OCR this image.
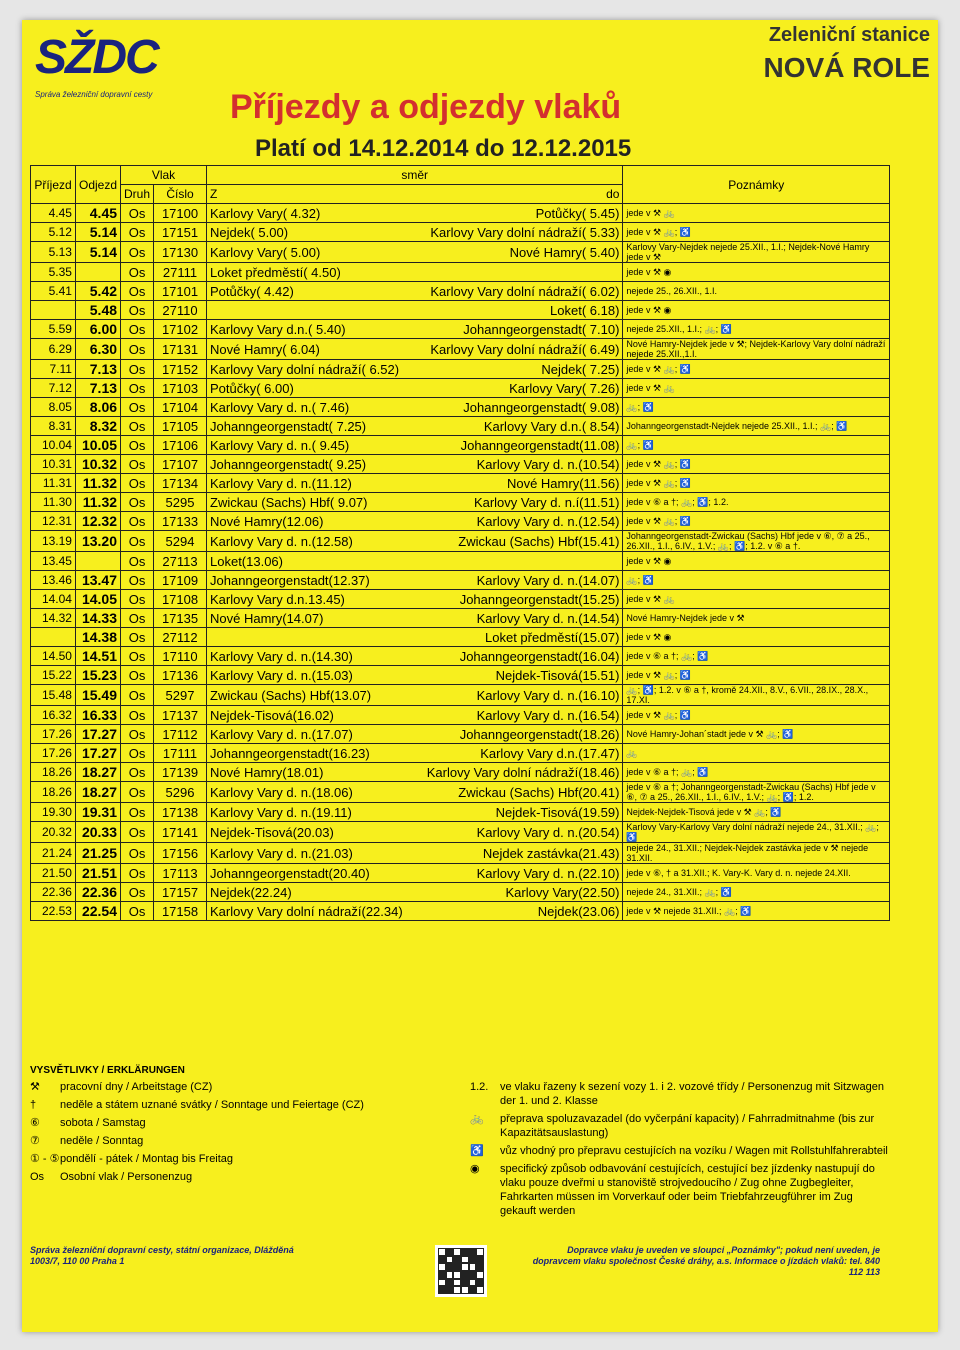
SŽDC
Správa železniční dopravní cesty
Zeleniční stanice
NOVÁ ROLE
Příjezdy a odjezdy vlaků
Platí od 14.12.2014 do 12.12.2015
Příjezd	Odjezd	Vlak		směr	Poznámky
		Druh	Číslo	Z do	

4.45	4.45	Os	17100	Karlovy Vary( 4.32) Potůčky( 5.45)	jede v ⚒ 🚲
5.12	5.14	Os	17151	Nejdek( 5.00) Karlovy Vary dolní nádraží( 5.33)	jede v ⚒ 🚲; ♿
5.13	5.14	Os	17130	Karlovy Vary( 5.00) Nové Hamry( 5.40)	Karlovy Vary-Nejdek nejede 25.XII., 1.I.; Nejdek-Nové Hamry jede v ⚒
5.35		Os	27111	Loket předměstí( 4.50)	jede v ⚒ ◉
5.41	5.42	Os	17101	Potůčky( 4.42) Karlovy Vary dolní nádraží( 6.02)	nejede 25., 26.XII., 1.I.
	5.48	Os	27110	Loket( 6.18)	jede v ⚒ ◉
5.59	6.00	Os	17102	Karlovy Vary d.n.( 5.40) Johanngeorgenstadt( 7.10)	nejede 25.XII., 1.I.; 🚲; ♿
6.29	6.30	Os	17131	Nové Hamry( 6.04) Karlovy Vary dolní nádraží( 6.49)	Nové Hamry-Nejdek jede v ⚒; Nejdek-Karlovy Vary dolní nádraží nejede 25.XII.,1.I.
7.11	7.13	Os	17152	Karlovy Vary dolní nádraží( 6.52) Nejdek( 7.25)	jede v ⚒ 🚲; ♿
7.12	7.13	Os	17103	Potůčky( 6.00) Karlovy Vary( 7.26)	jede v ⚒ 🚲
8.05	8.06	Os	17104	Karlovy Vary d. n.( 7.46) Johanngeorgenstadt( 9.08)	🚲; ♿
8.31	8.32	Os	17105	Johanngeorgenstadt( 7.25) Karlovy Vary d.n.( 8.54)	Johanngeorgenstadt-Nejdek nejede 25.XII., 1.I.; 🚲; ♿
10.04	10.05	Os	17106	Karlovy Vary d. n.( 9.45) Johanngeorgenstadt(11.08)	🚲; ♿
10.31	10.32	Os	17107	Johanngeorgenstadt( 9.25) Karlovy Vary d. n.(10.54)	jede v ⚒ 🚲; ♿
11.31	11.32	Os	17134	Karlovy Vary d. n.(11.12) Nové Hamry(11.56)	jede v ⚒ 🚲; ♿
11.30	11.32	Os	5295	Zwickau (Sachs) Hbf( 9.07) Karlovy Vary d. n.í(11.51)	jede v ⑥ a †; 🚲; ♿; 1.2.
12.31	12.32	Os	17133	Nové Hamry(12.06) Karlovy Vary d. n.(12.54)	jede v ⚒ 🚲; ♿
13.19	13.20	Os	5294	Karlovy Vary d. n.(12.58) Zwickau (Sachs) Hbf(15.41)	Johanngeorgenstadt-Zwickau (Sachs) Hbf jede v ⑥, ⑦ a 25., 26.XII., 1.I., 6.IV., 1.V.; 🚲; ♿; 1.2. v ⑥ a †.
13.45		Os	27113	Loket(13.06)	jede v ⚒ ◉
13.46	13.47	Os	17109	Johanngeorgenstadt(12.37) Karlovy Vary d. n.(14.07)	🚲; ♿
14.04	14.05	Os	17108	Karlovy Vary d.n.13.45) Johanngeorgenstadt(15.25)	jede v ⚒ 🚲
14.32	14.33	Os	17135	Nové Hamry(14.07) Karlovy Vary d. n.(14.54)	Nové Hamry-Nejdek jede v ⚒
	14.38	Os	27112	Loket předměstí(15.07)	jede v ⚒ ◉
14.50	14.51	Os	17110	Karlovy Vary d. n.(14.30) Johanngeorgenstadt(16.04)	jede v ⑥ a †; 🚲; ♿
15.22	15.23	Os	17136	Karlovy Vary d. n.(15.03) Nejdek-Tisová(15.51)	jede v ⚒ 🚲; ♿
15.48	15.49	Os	5297	Zwickau (Sachs) Hbf(13.07) Karlovy Vary d. n.(16.10)	🚲; ♿; 1.2. v ⑥ a †, kromě 24.XII., 8.V., 6.VII., 28.IX., 28.X., 17.XI.
16.32	16.33	Os	17137	Nejdek-Tisová(16.02) Karlovy Vary d. n.(16.54)	jede v ⚒ 🚲; ♿
17.26	17.27	Os	17112	Karlovy Vary d. n.(17.07) Johanngeorgenstadt(18.26)	Nové Hamry-Johan´stadt jede v ⚒ 🚲; ♿
17.26	17.27	Os	17111	Johanngeorgenstadt(16.23) Karlovy Vary d.n.(17.47)	🚲
18.26	18.27	Os	17139	Nové Hamry(18.01) Karlovy Vary dolní nádraží(18.46)	jede v ⑥ a †; 🚲; ♿
18.26	18.27	Os	5296	Karlovy Vary d. n.(18.06) Zwickau (Sachs) Hbf(20.41)	jede v ⑥ a †; Johanngeorgenstadt-Zwickau (Sachs) Hbf jede v ⑥, ⑦ a 25., 26.XII., 1.I., 6.IV., 1.V.; 🚲; ♿; 1.2.
19.30	19.31	Os	17138	Karlovy Vary d. n.(19.11) Nejdek-Tisová(19.59)	Nejdek-Nejdek-Tisová jede v ⚒ 🚲; ♿
20.32	20.33	Os	17141	Nejdek-Tisová(20.03) Karlovy Vary d. n.(20.54)	Karlovy Vary-Karlovy Vary dolní nádraží nejede 24., 31.XII.; 🚲; ♿
21.24	21.25	Os	17156	Karlovy Vary d. n.(21.03) Nejdek zastávka(21.43)	nejede 24., 31.XII.; Nejdek-Nejdek zastávka jede v ⚒ nejede 31.XII.
21.50	21.51	Os	17113	Johanngeorgenstadt(20.40) Karlovy Vary d. n.(22.10)	jede v ⑥, † a 31.XII.; K. Vary-K. Vary d. n. nejede 24.XII.
22.36	22.36	Os	17157	Nejdek(22.24) Karlovy Vary(22.50)	nejede 24., 31.XII.; 🚲; ♿
22.53	22.54	Os	17158	Karlovy Vary dolní nádraží(22.34) Nejdek(23.06)	jede v ⚒ nejede 31.XII.; 🚲; ♿
VYSVĚTLIVKY / ERKLÄRUNGEN
⚒	pracovní dny / Arbeitstage (CZ)
†	neděle a státem uznané svátky / Sonntage und Feiertage (CZ)
⑥	sobota / Samstag
⑦	neděle / Sonntag
① - ⑤ pondělí - pátek / Montag bis Freitag
Os	Osobní vlak / Personenzug
1.2.	ve vlaku řazeny k sezení vozy 1. i 2. vozové třídy / Personenzug mit Sitzwagen der 1. und 2. Klasse
🚲	přeprava spoluzavazadel (do vyčerpání kapacity) / Fahrradmitnahme (bis zur Kapazitätsauslastung)
♿	vůz vhodný pro přepravu cestujících na vozíku / Wagen mit Rollstuhlfahrerabteil
◉	specifický způsob odbavování cestujících, cestující bez jízdenky nastupují do vlaku pouze dveřmi u stanoviště strojvedoucího / Zug ohne Zugbegleiter, Fahrkarten müssen im Vorverkauf oder beim Triebfahrzeugführer im Zug gekauft werden
Správa železniční dopravní cesty, státní organizace, Dlážděná 1003/7, 110 00 Praha 1
Dopravce vlaku je uveden ve sloupci „Poznámky"; pokud není uveden, je dopravcem vlaku společnost České dráhy, a.s. Informace o jízdách vlaků: tel. 840 112 113
